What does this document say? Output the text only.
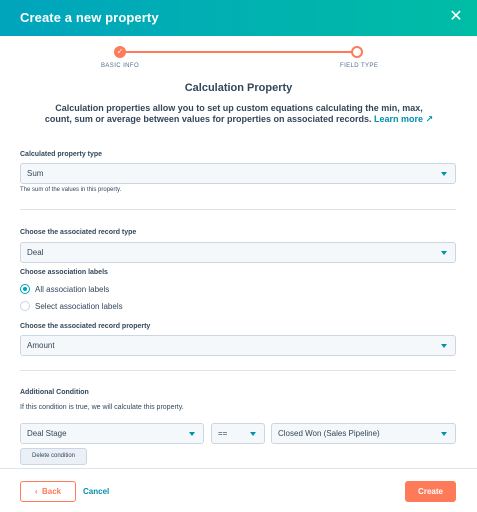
Create a new property	✕
✓
BASIC INFO	FIELD TYPE
Calculation Property
Calculation properties allow you to set up custom equations calculating the min, max, count, sum or average between values for properties on associated records. Learn more ↗
Calculated property type
Sum
The sum of the values in this property.
Choose the associated record type
Deal
Choose association labels
All association labels
Select association labels
Choose the associated record property
Amount
Additional Condition
If this condition is true, we will calculate this property.
Deal Stage	==	Closed Won (Sales Pipeline)
Delete condition
‹ Back	Cancel	Create
